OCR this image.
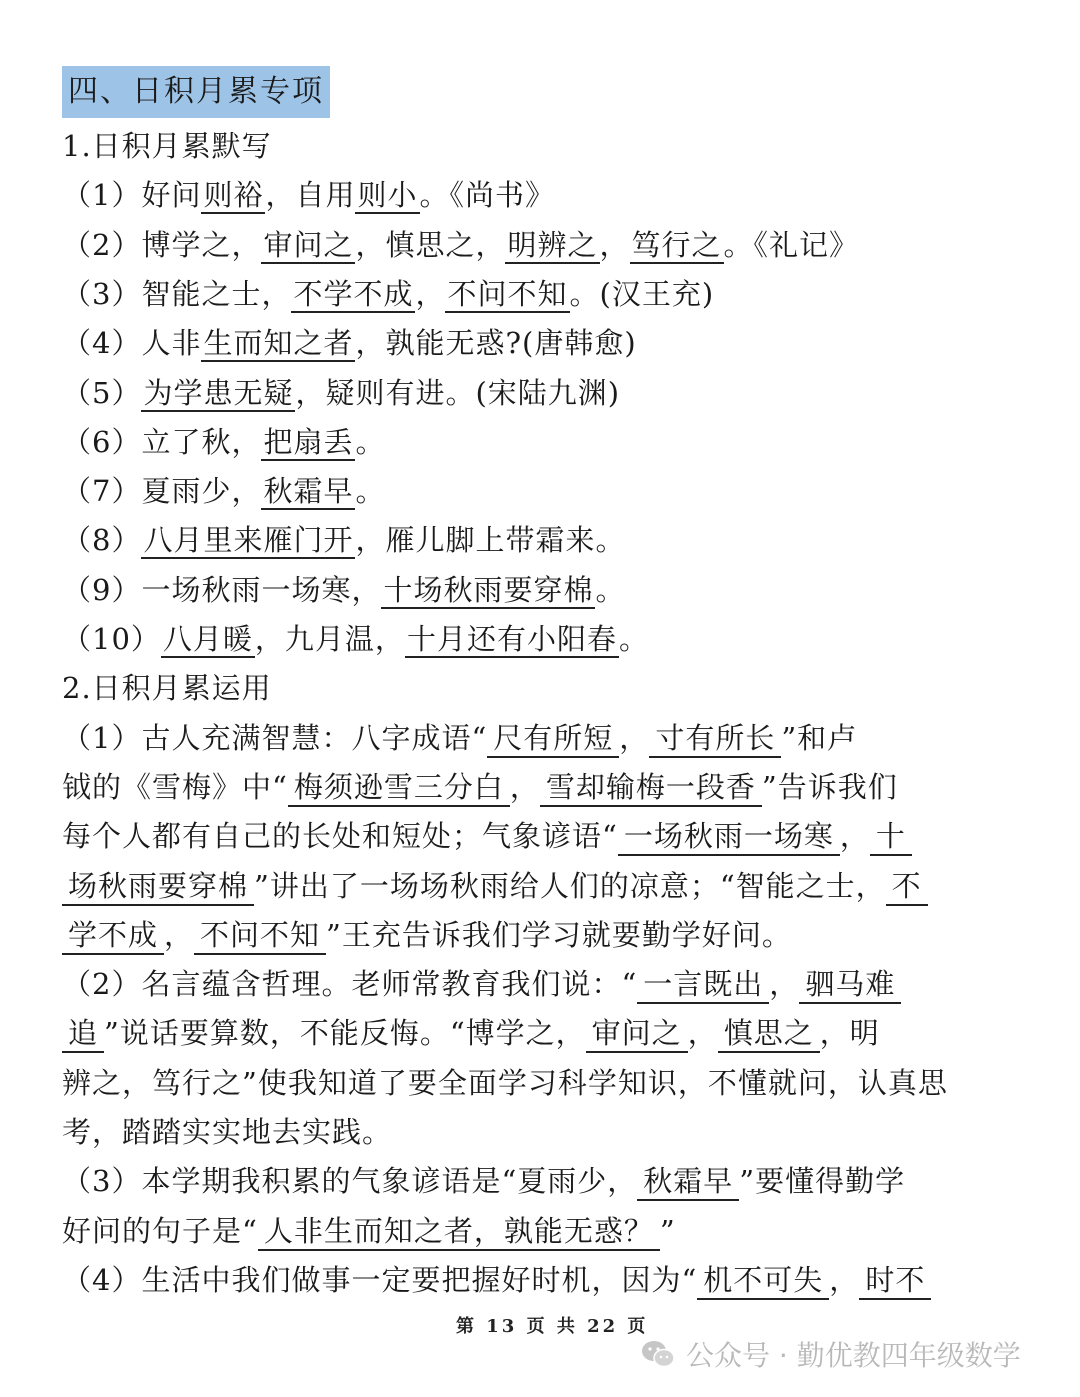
四、日积月累专项
1.日积月累默写
（1）好问则裕，自用则小。《尚书》
（2）博学之，审问之，慎思之，明辨之，笃行之。《礼记》
（3）智能之士，不学不成，不问不知。(汉王充)
（4）人非生而知之者，孰能无惑?(唐韩愈)
（5）为学患无疑，疑则有进。(宋陆九渊)
（6）立了秋，把扇丢。
（7）夏雨少，秋霜早。
（8）八月里来雁门开，雁儿脚上带霜来。
（9）一场秋雨一场寒，十场秋雨要穿棉。
（10）八月暖，九月温，十月还有小阳春。
2.日积月累运用
（1）古人充满智慧：八字成语“ 尺有所短 ， 寸有所长 ”和卢
钺的《雪梅》中“ 梅须逊雪三分白 ， 雪却输梅一段香 ”告诉我们
每个人都有自己的长处和短处；气象谚语“ 一场秋雨一场寒 ， 十
场秋雨要穿棉 ”讲出了一场场秋雨给人们的凉意；“智能之士， 不
学不成 ， 不问不知 ”王充告诉我们学习就要勤学好问。
（2）名言蕴含哲理。老师常教育我们说：“ 一言既出 ， 驷马难
追 ”说话要算数，不能反悔。“博学之， 审问之 ， 慎思之 ，明
辨之，笃行之”使我知道了要全面学习科学知识，不懂就问，认真思
考，踏踏实实地去实践。
（3）本学期我积累的气象谚语是“夏雨少， 秋霜早 ”要懂得勤学
好问的句子是“ 人非生而知之者，孰能无惑？ ”
（4）生活中我们做事一定要把握好时机，因为“ 机不可失 ， 时不
第 13 页 共 22 页
公众号 · 勤优教四年级数学
